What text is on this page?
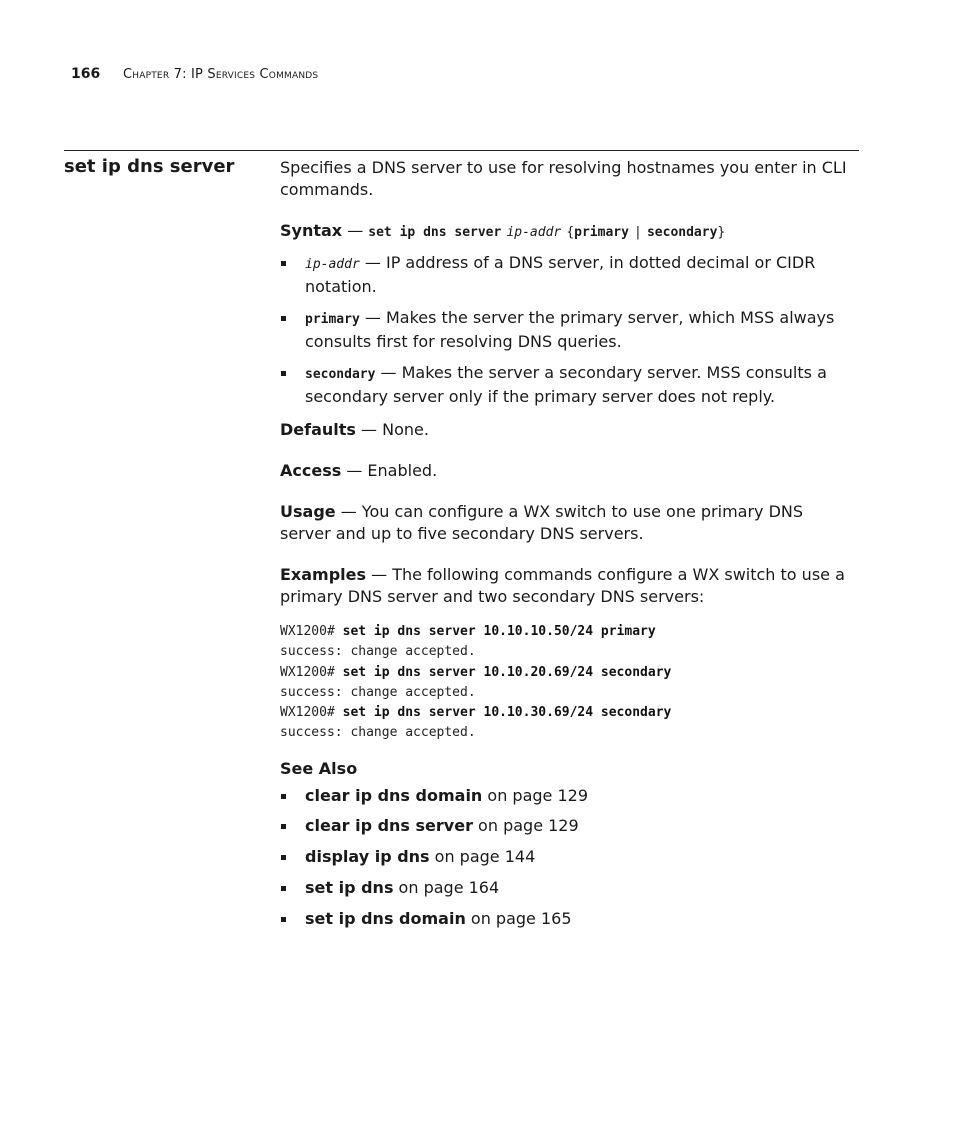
166 Chapter 7: IP Services Commands
set ip dns server	Specifies a DNS server to use for resolving hostnames you enter in CLI commands.

Syntax — set ip dns server ip-addr {primary | secondary}

ip-addr — IP address of a DNS server, in dotted decimal or CIDR notation.
primary — Makes the server the primary server, which MSS always consults first for resolving DNS queries.
secondary — Makes the server a secondary server. MSS consults a secondary server only if the primary server does not reply.

Defaults — None.

Access — Enabled.

Usage — You can configure a WX switch to use one primary DNS server and up to five secondary DNS servers.

Examples — The following commands configure a WX switch to use a primary DNS server and two secondary DNS servers:

WX1200# set ip dns server 10.10.10.50/24 primary
success: change accepted.
WX1200# set ip dns server 10.10.20.69/24 secondary
success: change accepted.
WX1200# set ip dns server 10.10.30.69/24 secondary
success: change accepted.

See Also

clear ip dns domain on page 129
clear ip dns server on page 129
display ip dns on page 144
set ip dns on page 164
set ip dns domain on page 165
